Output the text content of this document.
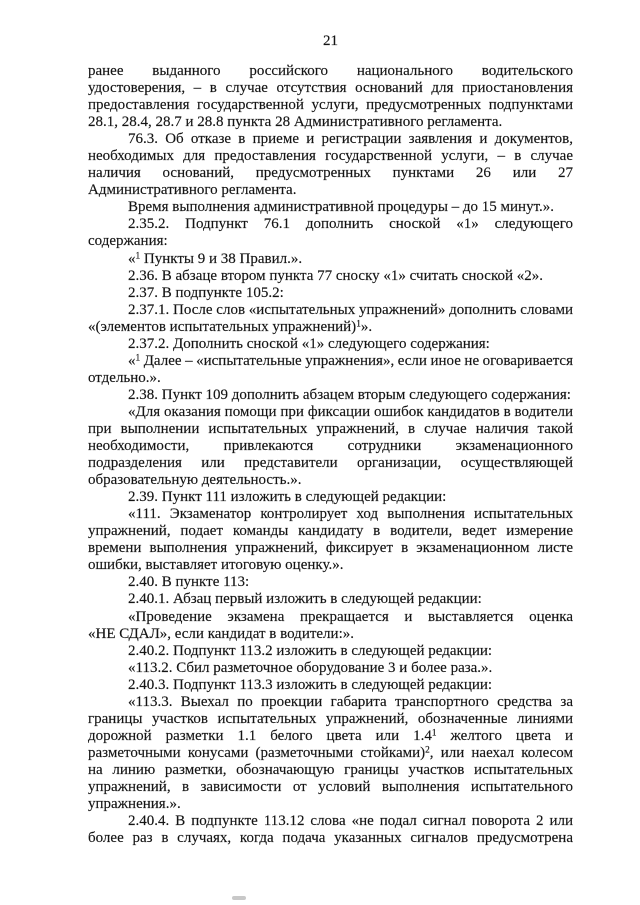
21
ранее выданного российского национального водительского
удостоверения, – в случае отсутствия оснований для приостановления
предоставления государственной услуги, предусмотренных подпунктами
28.1, 28.4, 28.7 и 28.8 пункта 28 Административного регламента.
76.3. Об отказе в приеме и регистрации заявления и документов,
необходимых для предоставления государственной услуги, – в случае
наличия оснований, предусмотренных пунктами 26 или 27
Административного регламента.
Время выполнения административной процедуры – до 15 минут.».
2.35.2. Подпункт 76.1 дополнить сноской «1» следующего
содержания:
«$^1$ Пункты 9 и 38 Правил.».
2.36. В абзаце втором пункта 77 сноску «1» считать сноской «2».
2.37. В подпункте 105.2:
2.37.1. После слов «испытательных упражнений» дополнить словами
«(элементов испытательных упражнений)$^1$».
2.37.2. Дополнить сноской «1» следующего содержания:
«$^1$ Далее – «испытательные упражнения», если иное не оговаривается
отдельно.».
2.38. Пункт 109 дополнить абзацем вторым следующего содержания:
«Для оказания помощи при фиксации ошибок кандидатов в водители
при выполнении испытательных упражнений, в случае наличия такой
необходимости, привлекаются сотрудники экзаменационного
подразделения или представители организации, осуществляющей
образовательную деятельность.».
2.39. Пункт 111 изложить в следующей редакции:
«111. Экзаменатор контролирует ход выполнения испытательных
упражнений, подает команды кандидату в водители, ведет измерение
времени выполнения упражнений, фиксирует в экзаменационном листе
ошибки, выставляет итоговую оценку.».
2.40. В пункте 113:
2.40.1. Абзац первый изложить в следующей редакции:
«Проведение экзамена прекращается и выставляется оценка
«НЕ СДАЛ», если кандидат в водители:».
2.40.2. Подпункт 113.2 изложить в следующей редакции:
«113.2. Сбил разметочное оборудование 3 и более раза.».
2.40.3. Подпункт 113.3 изложить в следующей редакции:
«113.3. Выехал по проекции габарита транспортного средства за
границы участков испытательных упражнений, обозначенные линиями
дорожной разметки 1.1 белого цвета или $1.4^1$ желтого цвета и
разметочными конусами (разметочными стойками)$^2$, или наехал колесом
на линию разметки, обозначающую границы участков испытательных
упражнений, в зависимости от условий выполнения испытательного
упражнения.».
2.40.4. В подпункте 113.12 слова «не подал сигнал поворота 2 или
более раз в случаях, когда подача указанных сигналов предусмотрена
